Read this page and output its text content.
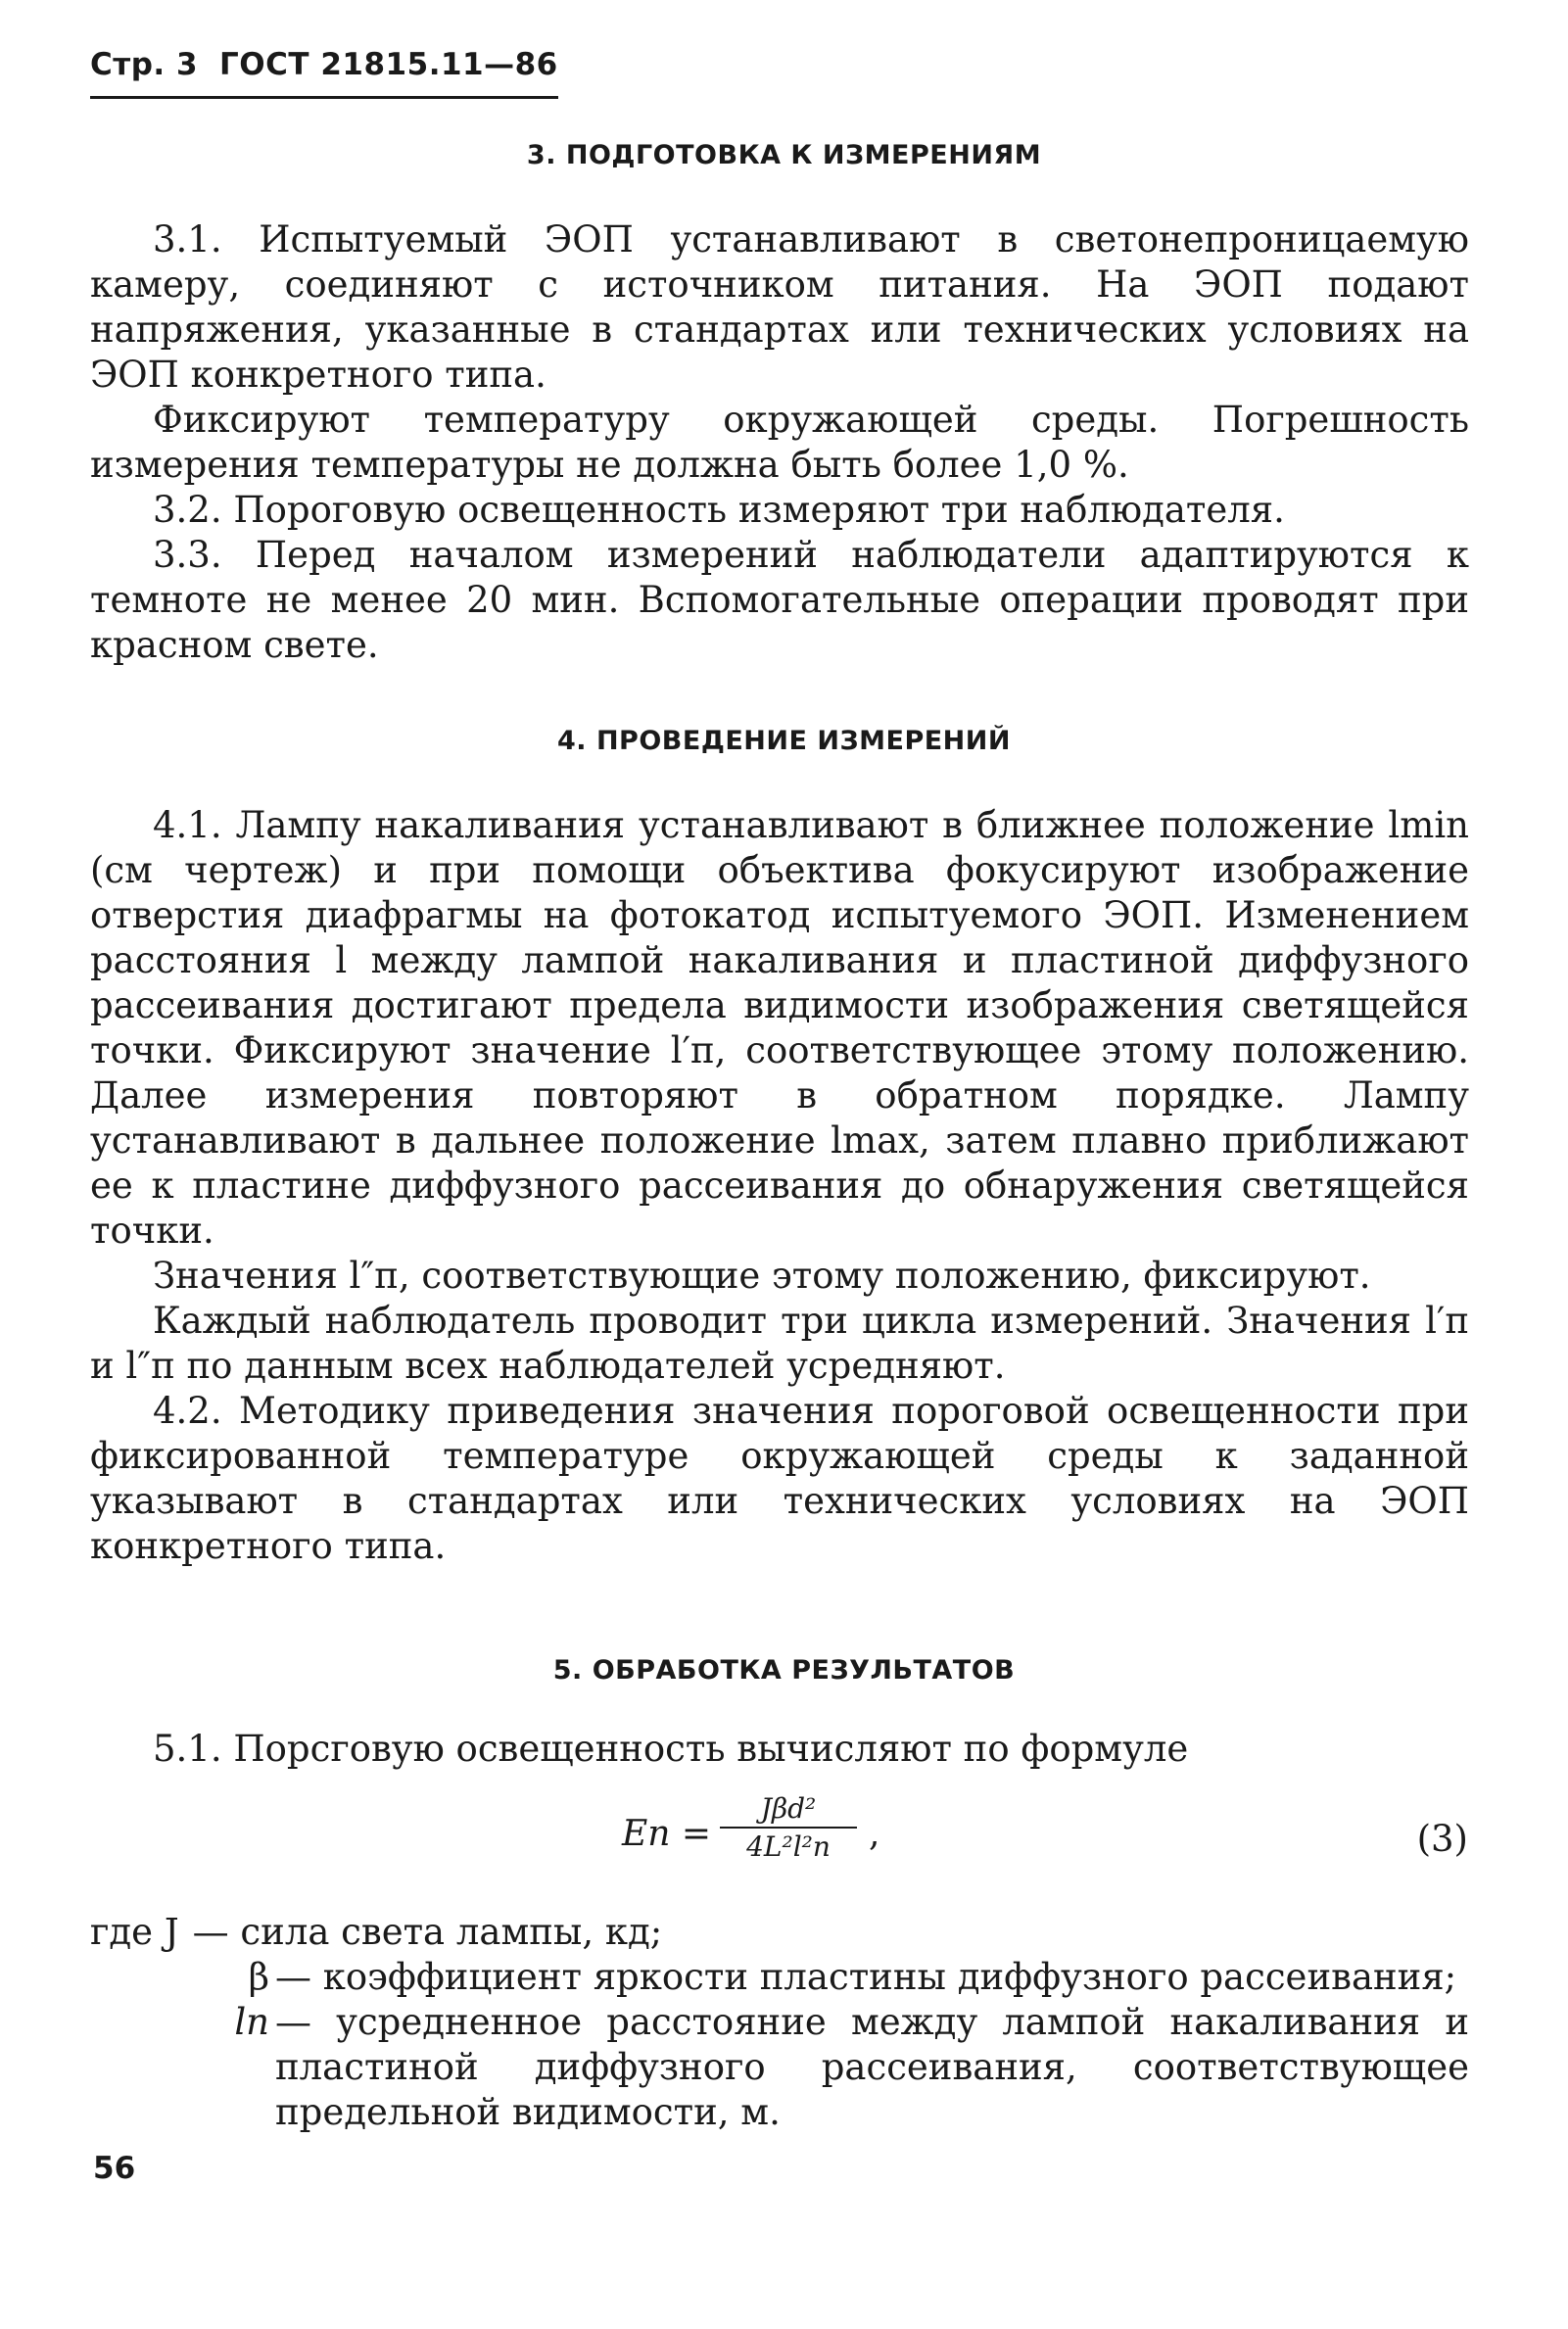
Стр. 3 ГОСТ 21815.11—86
3. ПОДГОТОВКА К ИЗМЕРЕНИЯМ

3.1. Испытуемый ЭОП устанавливают в светонепроницаемую камеру, соединяют с источником питания. На ЭОП подают напряжения, указанные в стандартах или технических условиях на ЭОП конкретного типа.

Фиксируют температуру окружающей среды. Погрешность измерения температуры не должна быть более 1,0 %.

3.2. Пороговую освещенность измеряют три наблюдателя.

3.3. Перед началом измерений наблюдатели адаптируются к темноте не менее 20 мин. Вспомогательные операции проводят при красном свете.

4. ПРОВЕДЕНИЕ ИЗМЕРЕНИЙ

4.1. Лампу накаливания устанавливают в ближнее положение lmin (см чертеж) и при помощи объектива фокусируют изображение отверстия диафрагмы на фотокатод испытуемого ЭОП. Изменением расстояния l между лампой накаливания и пластиной диффузного рассеивания достигают предела видимости изображения светящейся точки. Фиксируют значение l′п, соответствующее этому положению. Далее измерения повторяют в обратном порядке. Лампу устанавливают в дальнее положение lmax, затем плавно приближают ее к пластине диффузного рассеивания до обнаружения светящейся точки.

Значения l″п, соответствующие этому положению, фиксируют.

Каждый наблюдатель проводит три цикла измерений. Значения l′п и l″п по данным всех наблюдателей усредняют.

4.2. Методику приведения значения пороговой освещенности при фиксированной температуре окружающей среды к заданной указывают в стандартах или технических условиях на ЭОП конкретного типа.

5. ОБРАБОТКА РЕЗУЛЬТАТОВ

5.1. Порсговую освещенность вычисляют по формуле

Eп =
Jβd²
4L²l²п	,	(3)
где J — сила света лампы, кд;
β — коэффициент яркости пластины диффузного рассеивания;
lп — усредненное расстояние между лампой накаливания и пластиной диффузного рассеивания, соответствующее предельной видимости, м.
56
